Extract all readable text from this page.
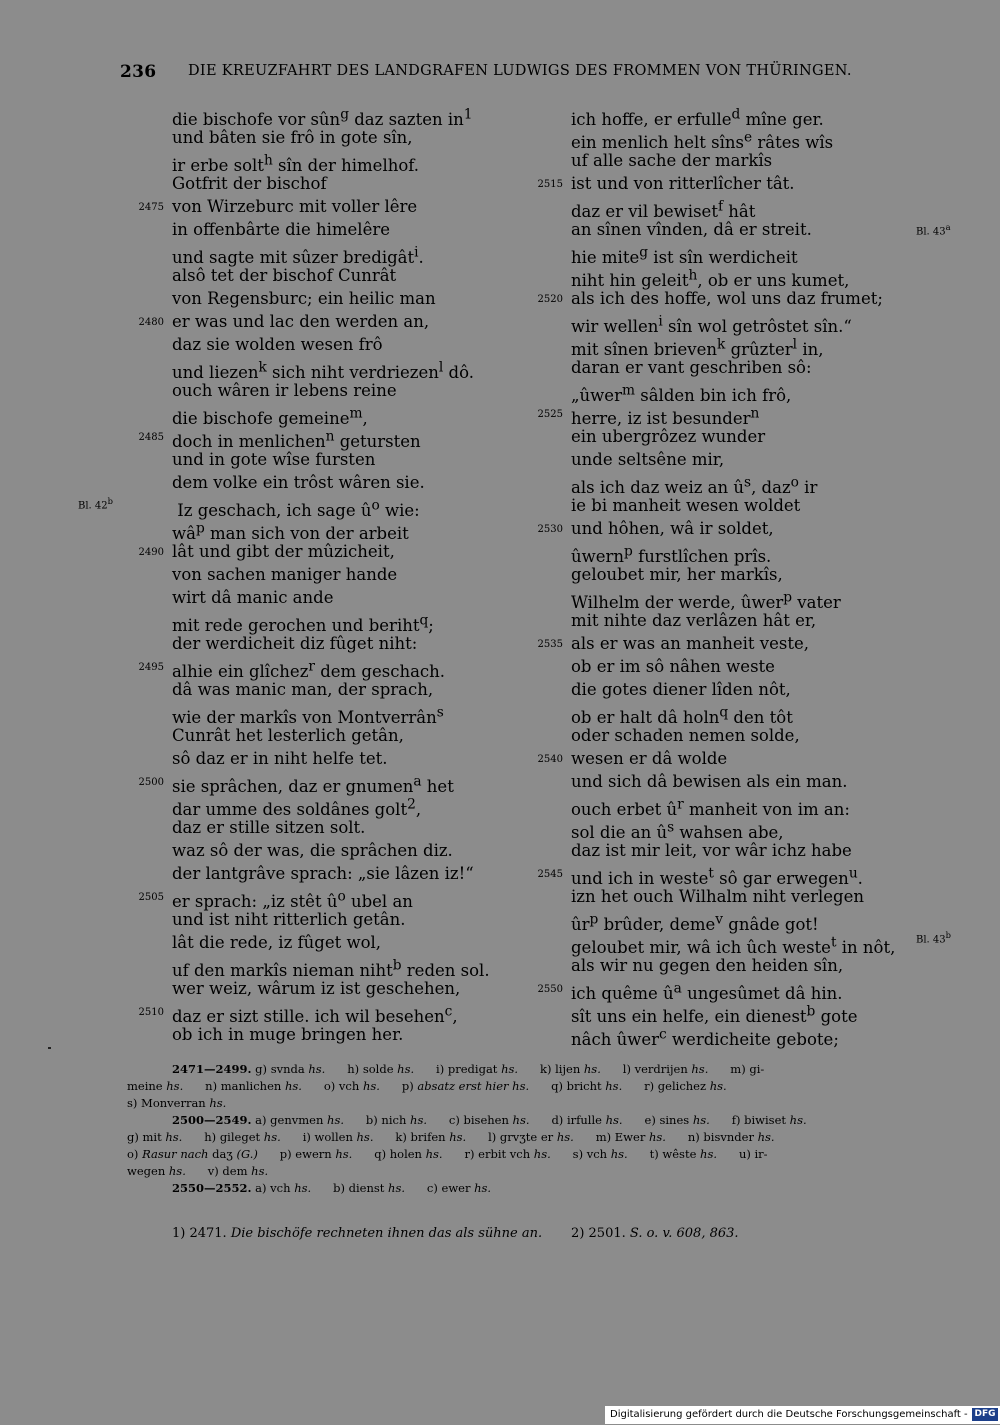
236 DIE KREUZFAHRT DES LANDGRAFEN LUDWIGS DES FROMMEN VON THÜRINGEN.
die bischofe vor sûn$^g$ daz sazten $in^1$
und bâten sie frô in gote sîn,
ir erbe solt$^h$ sîn der himelhof.
Gotfrit der bischof
2475 von Wirzeburc mit voller lêre
in offenbârte die himelêre
und sagte mit sûzer bredigât$^i$.
alsô tet der bischof Cunrât
von Regensburc; ein heilic man
2480 er was und lac den werden an,
daz sie wolden wesen frô
und liezen$^k$ sich niht verdriezen$^l$ dô.
ouch wâren ir lebens reine
die bischofe gemeine$^m$,
2485 doch in menlichen$^n$ getursten
und in gote wîse fursten
dem volke ein trôst wâren sie.
Iz geschach, ich sage $û^o$ wie:
$wâ^p$ man sich von der arbeit
2490 lât und gibt der mûzicheit,
von sachen maniger hande
wirt dâ manic ande
mit rede gerochen und beriht$^q$;
der werdicheit diz fûget niht:
2495 alhie ein glîchez$^r$ dem geschach.
dâ was manic man, der sprach,
wie der markîs von Montverrân$^s$
Cunrât het lesterlich getân,
sô daz er in niht helfe tet.
2500 sie sprâchen, daz er gnumen$^a$ het
dar umme des soldânes golt$^2$,
daz er stille sitzen solt.
waz sô der was, die sprâchen diz.
der lantgrâve sprach: „sie lâzen iz!“
2505 er sprach: „iz stêt $û^o$ ubel an
und ist niht ritterlich getân.
lât die rede, iz fûget wol,
uf den markîs nieman niht$^b$ reden sol.
wer weiz, wârum iz ist geschehen,
2510 daz er sizt stille. ich wil besehen$^c$,
ob ich in muge bringen her.
ich hoffe, er erfulle$^d$ mîne ger.
ein menlich helt sîns$^e$ râtes wîs
uf alle sache der markîs
2515 ist und von ritterlîcher tât.
daz er vil bewiset$^f$ hât
an sînen vînden, dâ er streit.
hie mite$^g$ ist sîn werdicheit
niht hin geleit$^h$, ob er uns kumet,
2520 als ich des hoffe, wol uns daz frumet;
wir wellen$^i$ sîn wol getrôstet sîn.“
mit sînen brieven$^k$ grûzter$^l$ in,
daran er vant geschriben sô:
„ûwer$^m$ sâlden bin ich frô,
2525 herre, iz ist besunder$^n$
ein ubergrôzez wunder
unde seltsêne mir,
als ich daz weiz an $û^s$, daz$^o$ ir
ie bi manheit wesen woldet
2530 und hôhen, wâ ir soldet,
ûwern$^p$ furstlîchen prîs.
geloubet mir, her markîs,
Wilhelm der werde, ûwer$^p$ vater
mit nihte daz verlâzen hât er,
2535 als er was an manheit veste,
ob er im sô nâhen weste
die gotes diener lîden nôt,
ob er halt dâ holn$^q$ den tôt
oder schaden nemen solde,
2540 wesen er dâ wolde
und sich dâ bewisen als ein man.
ouch erbet $û^r$ manheit von im an:
sol die an $û^s$ wahsen abe,
daz ist mir leit, vor wâr ichz habe
2545 und ich in weste$^t$ sô gar erwegen$^u$.
izn het ouch Wilhalm niht verlegen
$ûr^p$ brûder, deme$^v$ gnâde got!
geloubet mir, wâ ich ûch weste$^t$ in nôt,
als wir nu gegen den heiden sîn,
2550 ich quême $û^a$ ungesûmet dâ hin.
sît uns ein helfe, ein dienest$^b$ gote
nâch ûwer$^c$ werdicheite gebote;
Bl. 42$^b$
Bl. 43$^a$
Bl. 43$^b$
2471—2499. g) svnda hs.      h) solde hs.      i) predigat hs.      k) lijen hs.      l) verdrijen hs.      m) gi-
meine hs.      n) manlichen hs.      o) vch hs.      p) absatz erst hier hs.      q) bricht hs.      r) gelichez hs.
s) Monverran hs.
2500—2549. a) genvmen hs.      b) nich hs.      c) bisehen hs.      d) irfulle hs.      e) sines hs.      f) biwiset hs.
g) mit hs.      h) gileget hs.      i) wollen hs.      k) brifen hs.      l) grvʒte er hs.      m) Ewer hs.      n) bisvnder hs.
o) Rasur nach daʒ (G.)      p) ewern hs.      q) holen hs.      r) erbit vch hs.      s) vch hs.      t) wêste hs.      u) ir-
wegen hs.      v) dem hs.
2550—2552. a) vch hs.      b) dienst hs.      c) ewer hs.
1) 2471. Die bischöfe rechneten ihnen das als sühne an.       2) 2501. S. o. v. 608, 863.
Digitalisierung gefördert durch die Deutsche Forschungsgemeinschaft - DFG
